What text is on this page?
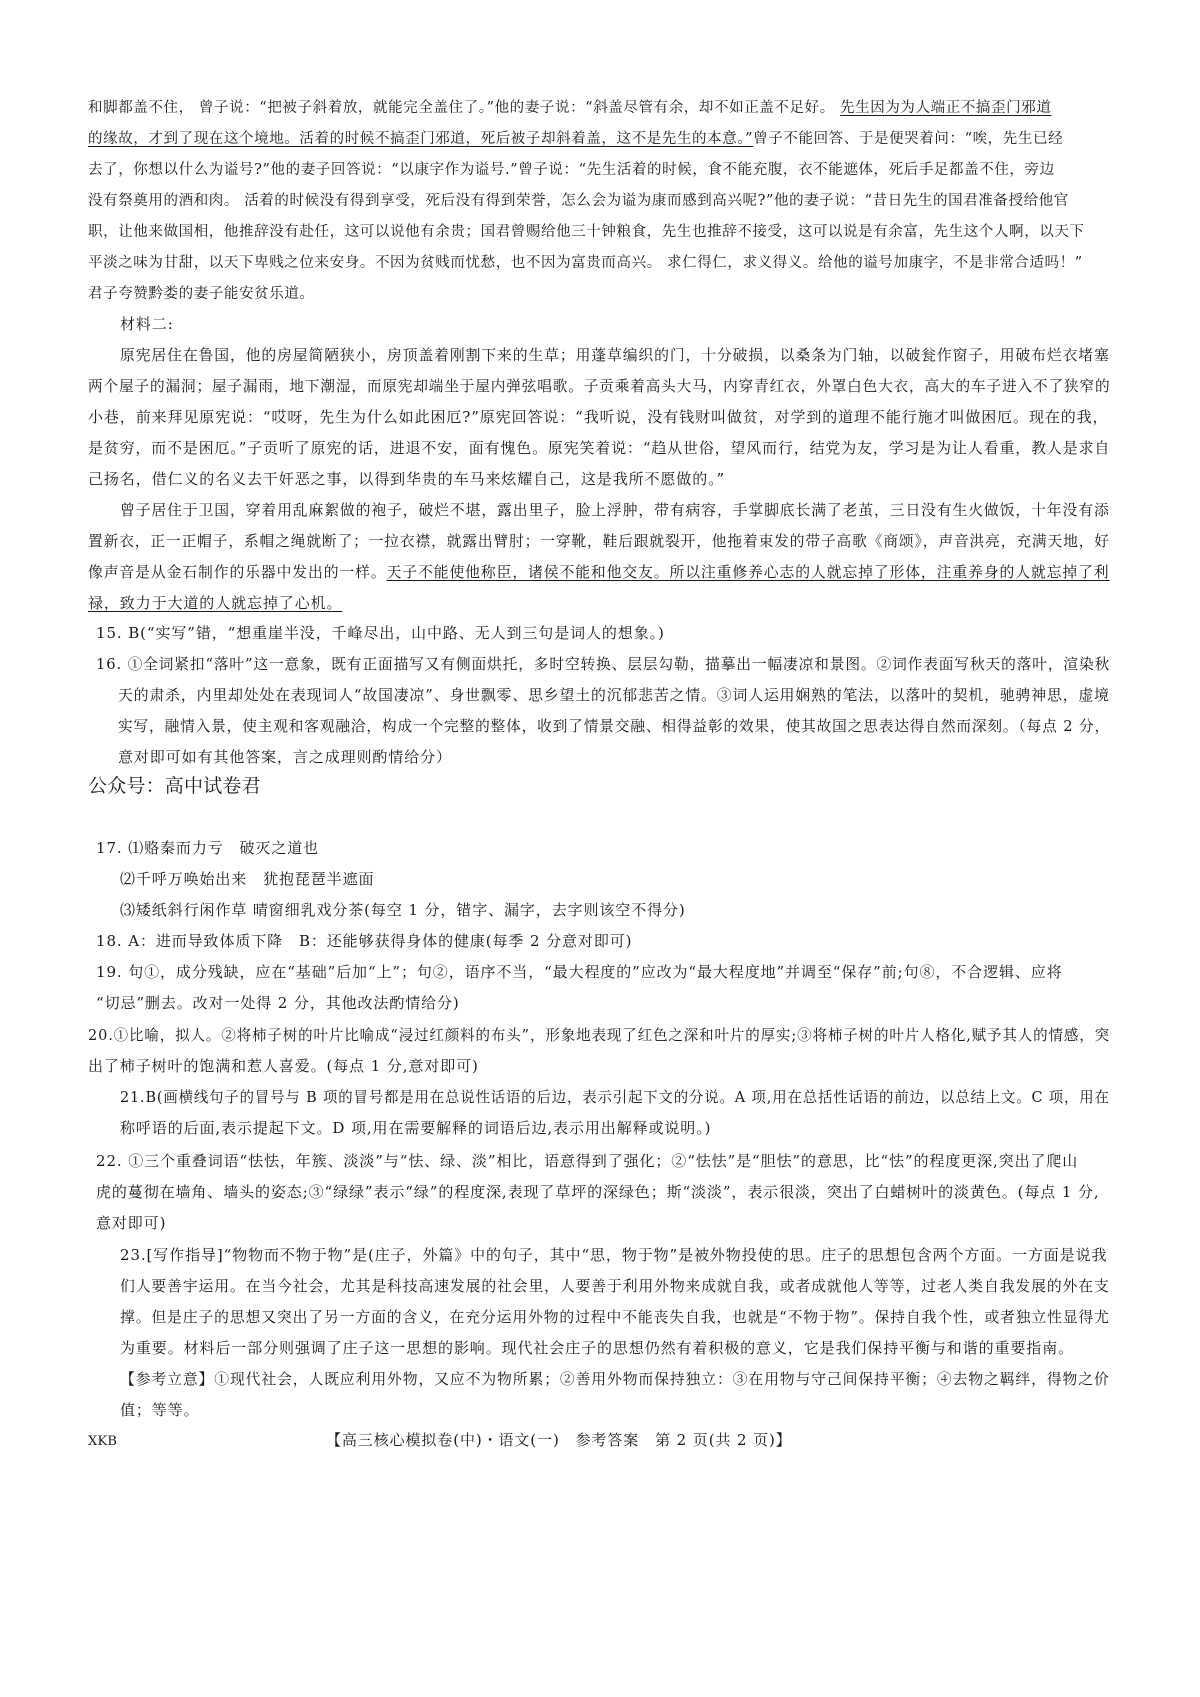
和脚都盖不住， 曾子说：“把被子斜着放，就能完全盖住了。”他的妻子说：“斜盖尽管有余，却不如正盖不足好。 先生因为为人端正不搞歪门邪道
的缘故，才到了现在这个境地。活着的时候不搞歪门邪道，死后被子却斜着盖，这不是先生的本意。”曾子不能回答、于是便哭着问：“唉，先生已经
去了，你想以什么为谥号?”他的妻子回答说：“以康字作为谥号.”曾子说：“先生活着的时候，食不能充腹，衣不能遮体，死后手足都盖不住，旁边
没有祭奠用的酒和肉。 活着的时候没有得到享受，死后没有得到荣誉，怎么会为谥为康而感到高兴呢?”他的妻子说：“昔日先生的国君准备授给他官
职，让他来做国相，他推辞没有赴任，这可以说他有余贵；国君曾赐给他三十钟粮食，先生也推辞不接受，这可以说是有余富，先生这个人啊，以天下
平淡之味为甘甜，以天下卑贱之位来安身。不因为贫贱而忧愁，也不因为富贵而高兴。 求仁得仁，求义得义。给他的谥号加康字，不是非常合适吗！”
君子夸赞黔娄的妻子能安贫乐道。
材料二:
原宪居住在鲁国，他的房屋简陋狭小，房顶盖着刚割下来的生草；用蓬草编织的门，十分破损，以桑条为门轴，以破瓮作窗子，用破布烂衣堵塞
两个屋子的漏洞；屋子漏雨，地下潮湿，而原宪却端坐于屋内弹弦唱歌。子贡乘着高头大马，内穿青红衣，外罩白色大衣，高大的车子进入不了狭窄的
小巷，前来拜见原宪说：“哎呀，先生为什么如此困厄?”原宪回答说：“我听说，没有钱财叫做贫，对学到的道理不能行施才叫做困厄。现在的我，
是贫穷，而不是困厄。”子贡听了原宪的话，进退不安，面有愧色。原宪笑着说：“趋从世俗，望风而行，结党为友，学习是为让人看重，教人是求自
己扬名，借仁义的名义去干奸恶之事，以得到华贵的车马来炫耀自己，这是我所不愿做的。”
曾子居住于卫国，穿着用乱麻絮做的袍子，破烂不堪，露出里子，脸上浮肿，带有病容，手掌脚底长满了老茧，三日没有生火做饭，十年没有添
置新衣，正一正帽子，系帽之绳就断了；一拉衣襟，就露出臂肘；一穿靴，鞋后跟就裂开，他拖着束发的带子高歌《商颂》，声音洪亮，充满天地，好
像声音是从金石制作的乐器中发出的一样。天子不能使他称臣，诸侯不能和他交友。所以注重修养心志的人就忘掉了形体，注重养身的人就忘掉了利
禄，致力于大道的人就忘掉了心机。
15. B(“实写”错，“想重崖半没，千峰尽出，山中路、无人到三句是词人的想象。)
16. ①全词紧扣“落叶”这一意象，既有正面描写又有侧面烘托，多时空转换、层层勾勒，描摹出一幅凄凉和景图。②词作表面写秋天的落叶，渲染秋
天的肃杀，内里却处处在表现词人“故国凄凉”、身世飘零、思乡望土的沉郁悲苦之情。③词人运用娴熟的笔法，以落叶的契机，驰骋神思，虚境
实写，融情入景，使主观和客观融洽，构成一个完整的整体，收到了情景交融、相得益彰的效果，使其故国之思表达得自然而深刻。（每点 2 分，
意对即可如有其他答案，言之成理则酌情给分）
公众号：高中试卷君
17. ⑴赂秦而力亏　破灭之道也
⑵千呼万唤始出来　犹抱琵琶半遮面
⑶矮纸斜行闲作草 晴窗细乳戏分茶(每空 1 分，错字、漏字，去字则该空不得分)
18. A：进而导致体质下降　B：还能够获得身体的健康(每季 2 分意对即可)
19. 句①，成分残缺，应在“基础”后加“上”；句②，语序不当，“最大程度的”应改为“最大程度地”并调至“保存”前;句⑧，不合逻辑、应将
“切忌”删去。改对一处得 2 分，其他改法酌情给分)
20.①比喻，拟人。②将柿子树的叶片比喻成“浸过红颜料的布头”，形象地表现了红色之深和叶片的厚实;③将柿子树的叶片人格化,赋予其人的情感，突
出了柿子树叶的饱满和惹人喜爱。(每点 1 分,意对即可)
21.B(画横线句子的冒号与 B 项的冒号都是用在总说性话语的后边，表示引起下文的分说。A 项,用在总括性话语的前边，以总结上文。C 项，用在
称呼语的后面,表示提起下文。D 项,用在需要解释的词语后边,表示用出解释或说明。)
22. ①三个重叠词语“怯怯，年簇、淡淡”与“怯、绿、淡”相比，语意得到了强化；②“怯怯”是“胆怯”的意思，比“怯”的程度更深,突出了爬山
虎的蔓彻在墙角、墙头的姿态;③“绿绿”表示“绿”的程度深,表现了草坪的深绿色；斯“淡淡”，表示很淡，突出了白蜡树叶的淡黄色。(每点 1 分,
意对即可)
23.[写作指导]“物物而不物于物”是(庄子，外篇》中的句子，其中“思，物于物”是被外物投使的思。庄子的思想包含两个方面。一方面是说我
们人要善宇运用。在当今社会，尤其是科技高速发展的社会里，人要善于利用外物来成就自我，或者成就他人等等，过老人类自我发展的外在支
撑。但是庄子的思想又突出了另一方面的含义，在充分运用外物的过程中不能丧失自我，也就是“不物于物”。保持自我个性，或者独立性显得尤
为重要。材料后一部分则强调了庄子这一思想的影响。现代社会庄子的思想仍然有着积极的意义，它是我们保持平衡与和谐的重要指南。
【参考立意】①现代社会，人既应利用外物，又应不为物所累；②善用外物而保持独立：③在用物与守己间保持平衡；④去物之羁绊，得物之价
值；等等。
XKB	【高三核心模拟卷(中)・语文(一)　参考答案　第 2 页(共 2 页)】
